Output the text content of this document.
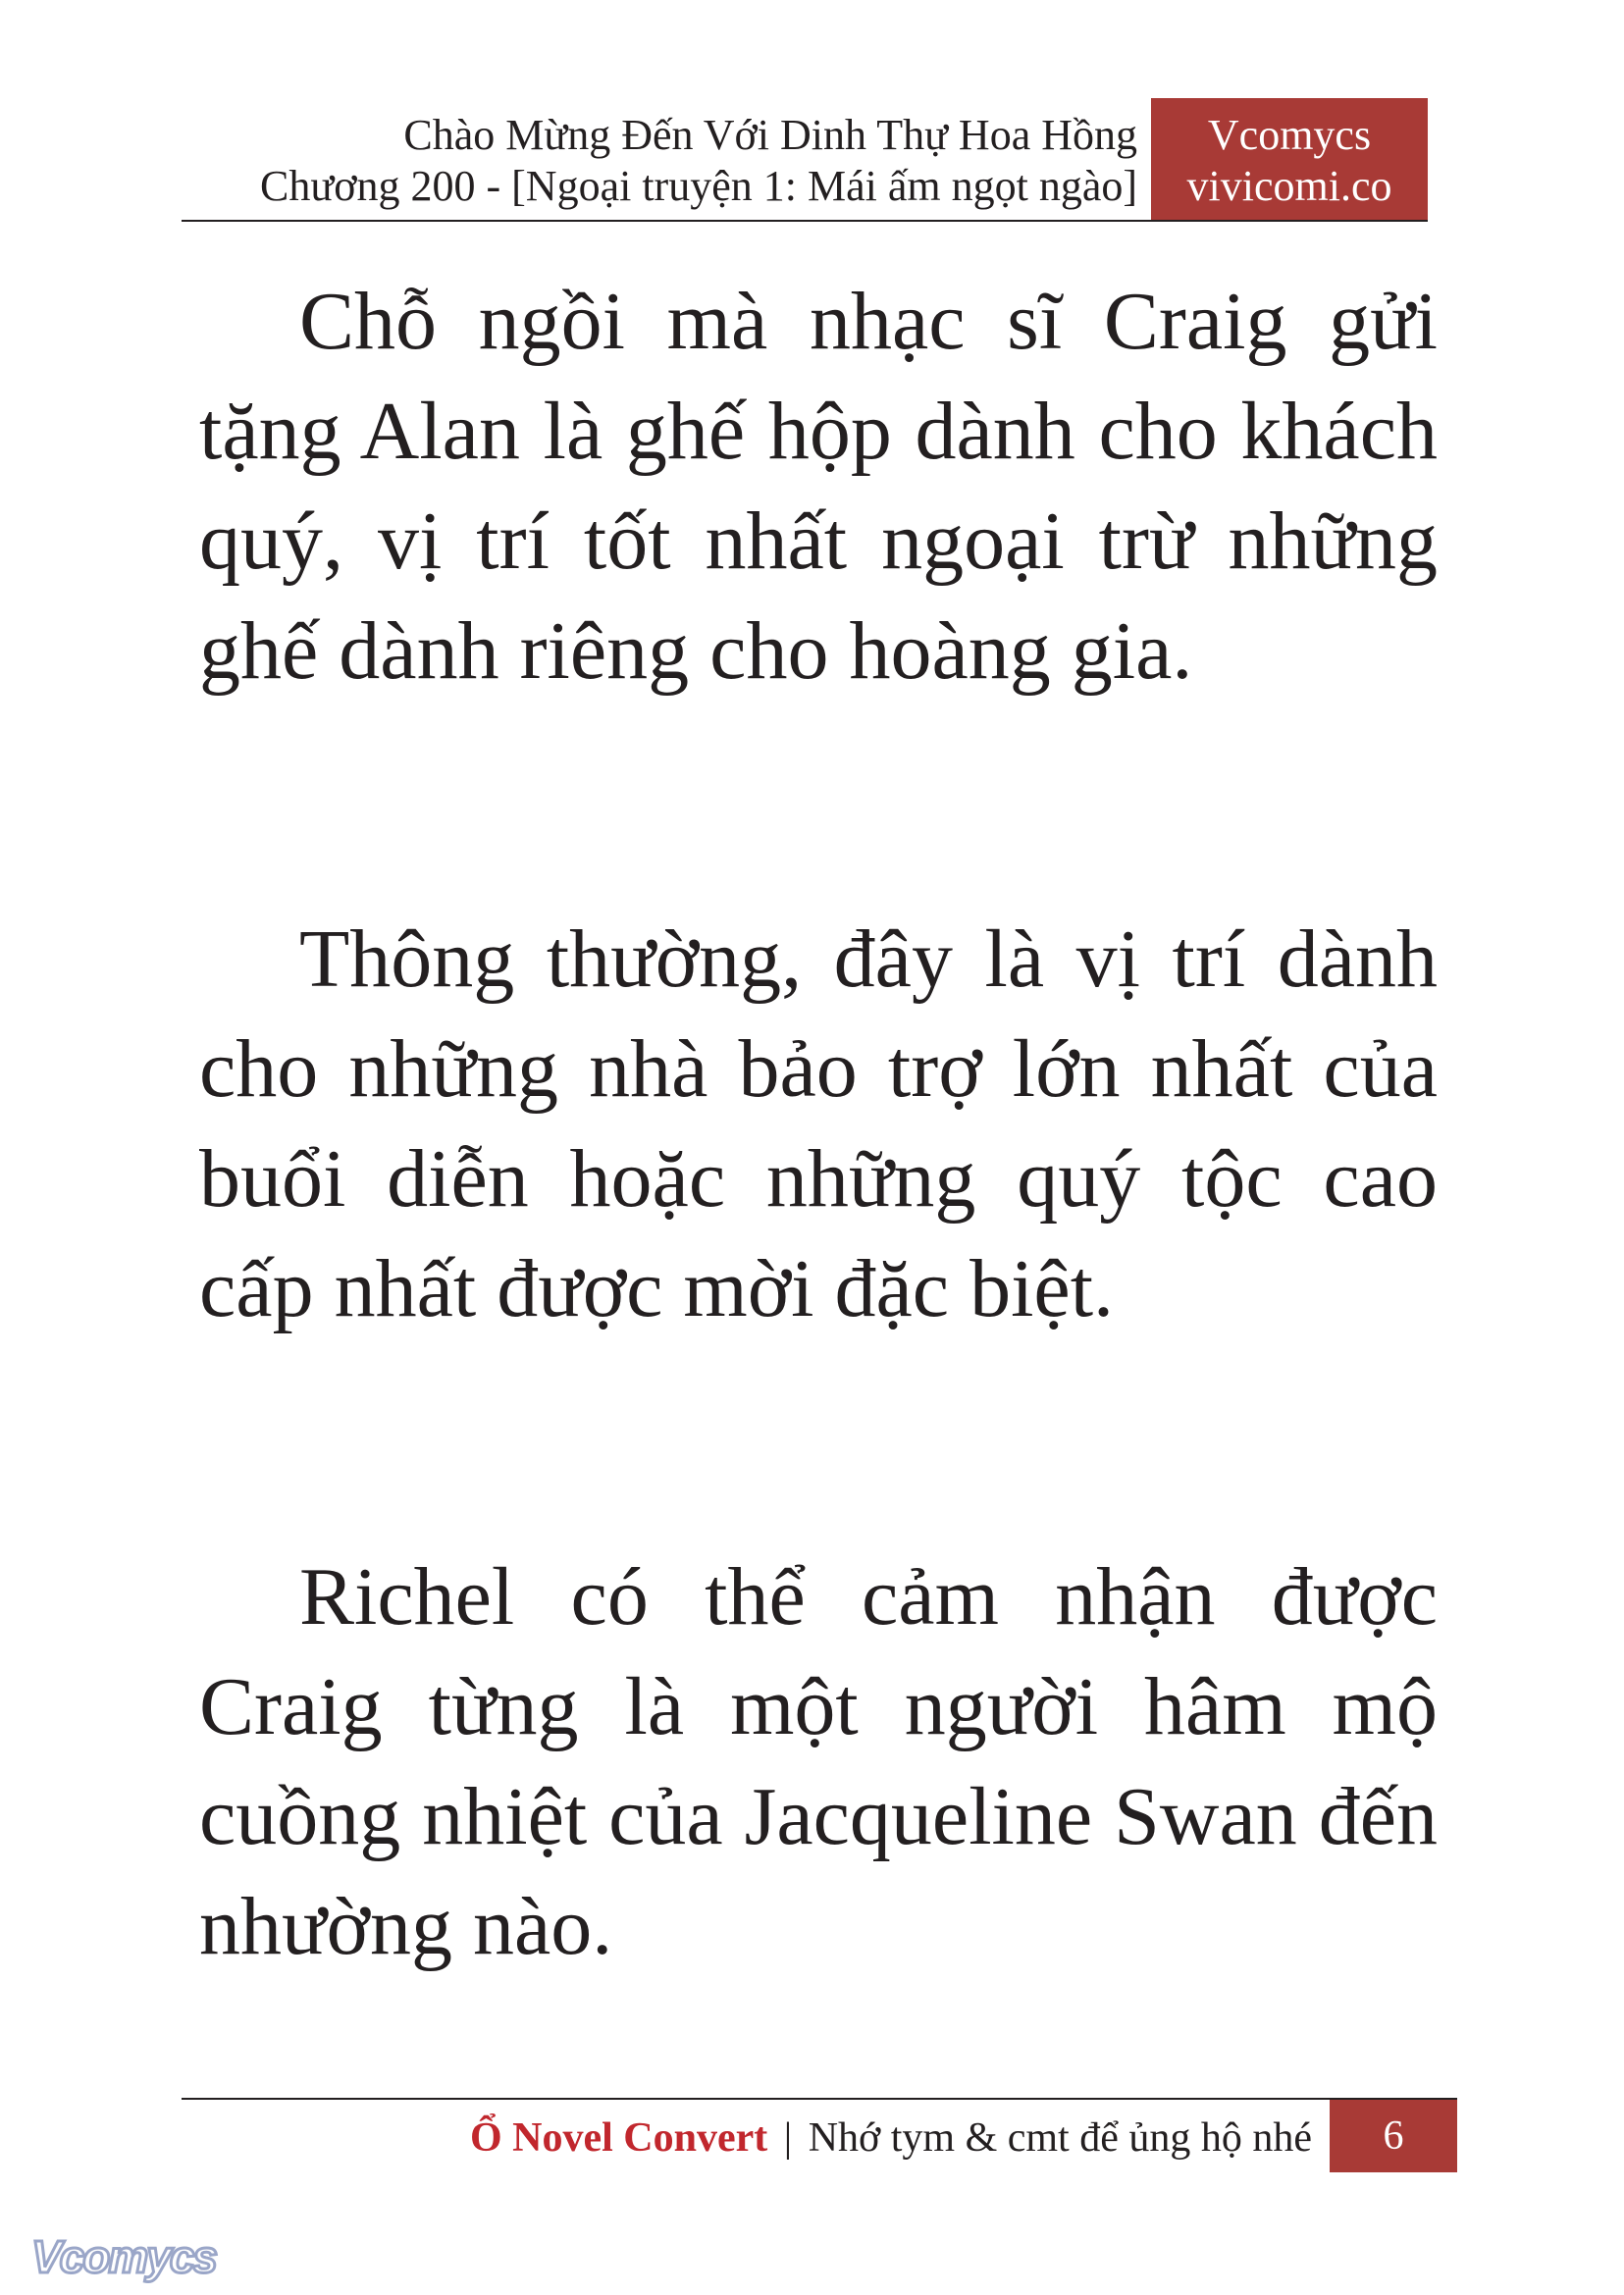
Chào Mừng Đến Với Dinh Thự Hoa Hồng
Chương 200 - [Ngoại truyện 1: Mái ấm ngọt ngào]
Vcomycs
vivicomi.co

Chỗ ngồi mà nhạc sĩ Craig gửi tặng Alan là ghế hộp dành cho khách quý, vị trí tốt nhất ngoại trừ những ghế dành riêng cho hoàng gia.

Thông thường, đây là vị trí dành cho những nhà bảo trợ lớn nhất của buổi diễn hoặc những quý tộc cao cấp nhất được mời đặc biệt.

Richel có thể cảm nhận được Craig từng là một người hâm mộ cuồng nhiệt của Jacqueline Swan đến nhường nào.

Ổ Novel Convert | Nhớ tym & cmt để ủng hộ nhé	6
Vcomycs
